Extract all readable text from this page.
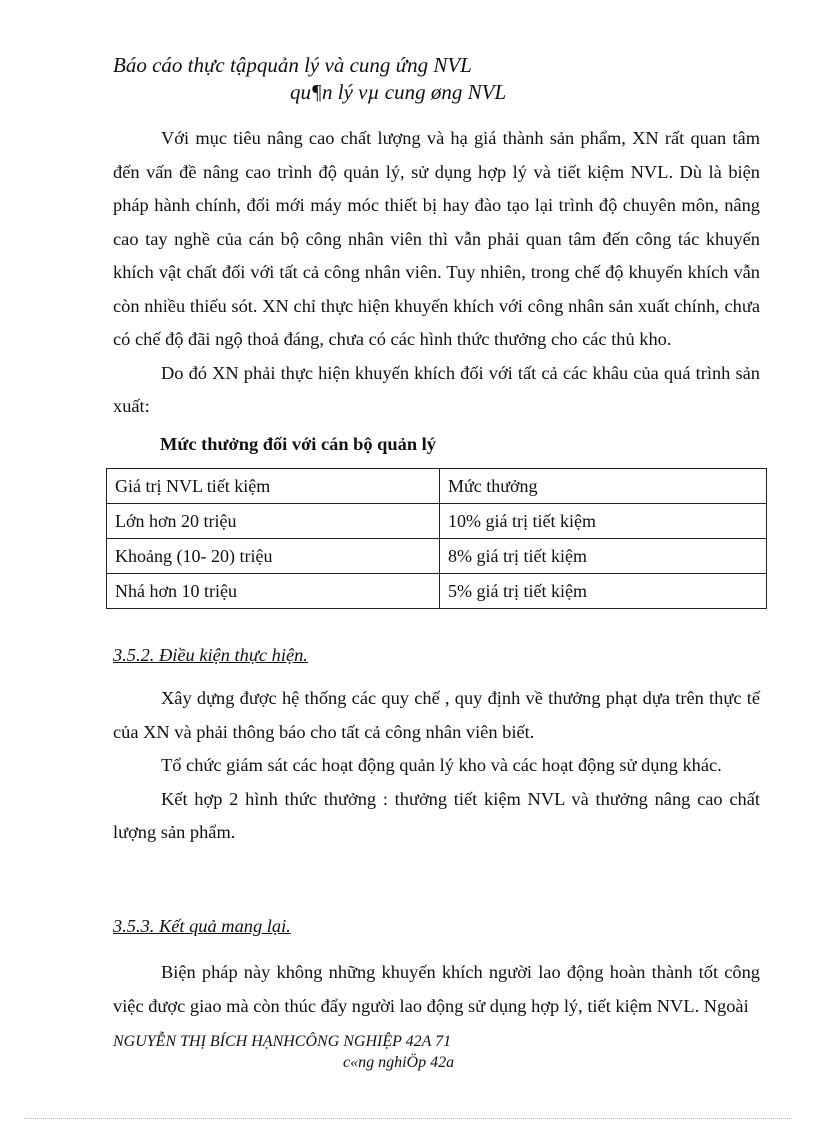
Báo cáo thực tậpquản lý và cung ứng NVL
qu¶n lý vµ cung øng NVL

Với mục tiêu nâng cao chất lượng và hạ giá thành sản phẩm, XN rất quan tâm đến vấn đề nâng cao trình độ quản lý, sử dụng hợp lý và tiết kiệm NVL. Dù là biện pháp hành chính, đổi mới máy móc thiết bị hay đào tạo lại trình độ chuyên môn, nâng cao tay nghề của cán bộ công nhân viên thì vẫn phải quan tâm đến công tác khuyến khích vật chất đối với tất cả công nhân viên. Tuy nhiên, trong chế độ khuyến khích vẫn còn nhiều thiếu sót. XN chỉ thực hiện khuyến khích với công nhân sản xuất chính, chưa có chế độ đãi ngộ thoả đáng, chưa có các hình thức thưởng cho các thủ kho.

Do đó XN phải thực hiện khuyến khích đối với tất cả các khâu của quá trình sản xuất:

Mức thưởng đối với cán bộ quản lý
Giá trị NVL tiết kiệm	Mức thưởng
Lớn hơn 20 triệu	10% giá trị tiết kiệm
Khoảng (10- 20) triệu	8% giá trị tiết kiệm
Nhá hơn 10 triệu	5% giá trị tiết kiệm
3.5.2. Điều kiện thực hiện.

Xây dựng được hệ thống các quy chế , quy định về thưởng phạt dựa trên thực tế của XN và phải thông báo cho tất cả công nhân viên biết.

Tổ chức giám sát các hoạt động quản lý kho và các hoạt động sử dụng khác.

Kết hợp 2 hình thức thưởng : thưởng tiết kiệm NVL và thưởng nâng cao chất lượng sản phẩm.

3.5.3. Kết quả mang lại.

Biện pháp này không những khuyến khích người lao động hoàn thành tốt công việc được giao mà còn thúc đẩy người lao động sử dụng hợp lý, tiết kiệm NVL. Ngoài

NGUYỄN THỊ BÍCH HẠNHCÔNG NGHIỆP 42A 71
c«ng nghiÖp 42a
